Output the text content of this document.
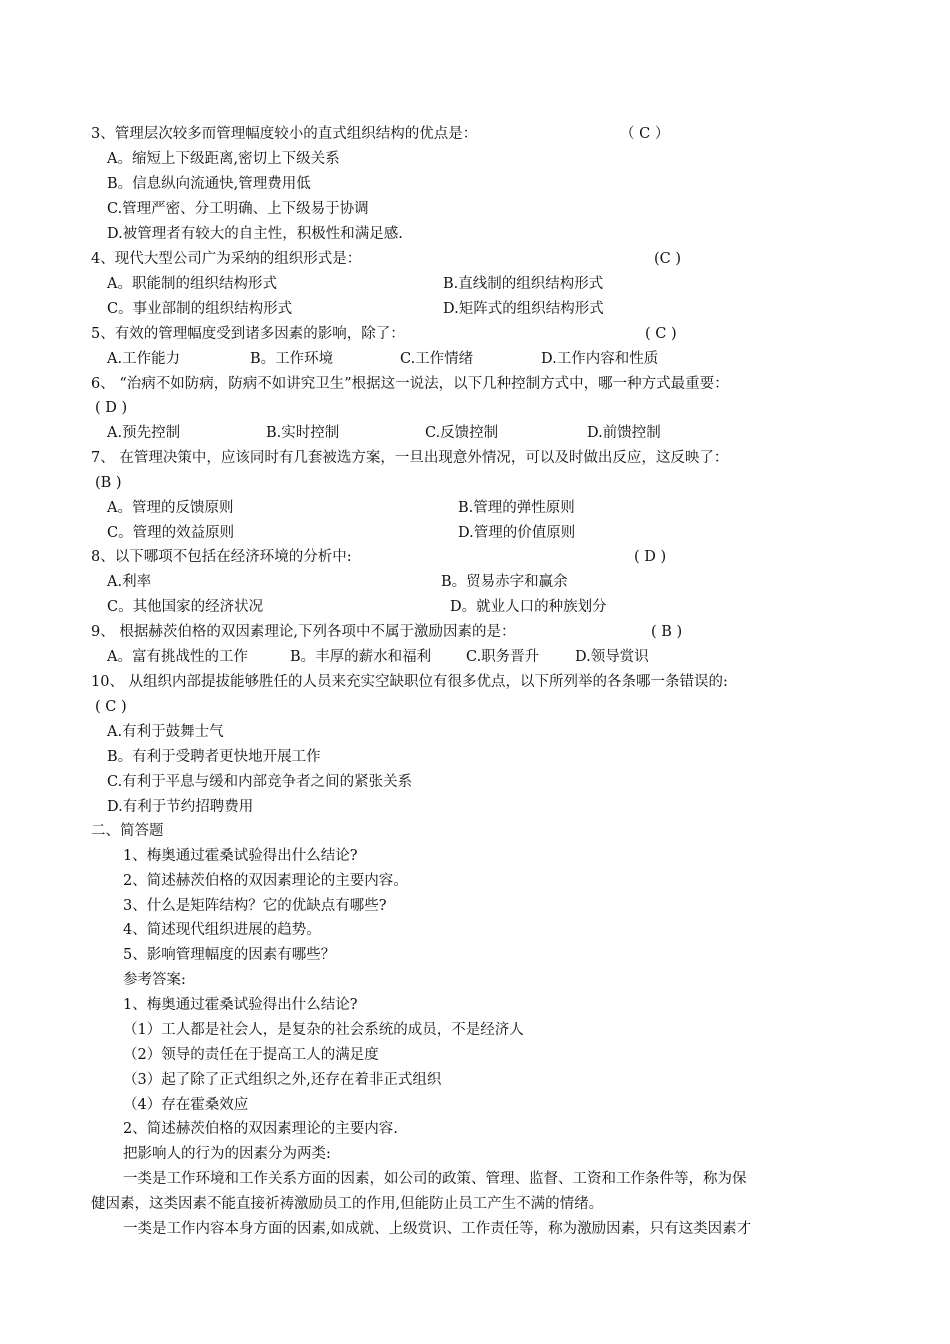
3、管理层次较多而管理幅度较小的直式组织结构的优点是：	（ C ）
A。缩短上下级距离,密切上下级关系
B。信息纵向流通快,管理费用低
C.管理严密、分工明确、上下级易于协调
D.被管理者有较大的自主性，积极性和满足感.
4、现代大型公司广为采纳的组织形式是：	(C )
A。职能制的组织结构形式	B.直线制的组织结构形式
C。事业部制的组织结构形式	D.矩阵式的组织结构形式
5、有效的管理幅度受到诸多因素的影响，除了：	( C )
A.工作能力	B。工作环境	C.工作情绪	D.工作内容和性质
6、 “治病不如防病，防病不如讲究卫生”根据这一说法，以下几种控制方式中，哪一种方式最重要：
( D )
A.预先控制	B.实时控制	C.反馈控制	D.前馈控制
7、 在管理决策中，应该同时有几套被选方案，一旦出现意外情况，可以及时做出反应，这反映了：
(B )
A。管理的反馈原则	B.管理的弹性原则
C。管理的效益原则	D.管理的价值原则
8、以下哪项不包括在经济环境的分析中:	( D )
A.利率	B。贸易赤字和赢余
C。其他国家的经济状况	D。就业人口的种族划分
9、 根据赫茨伯格的双因素理论,下列各项中不属于激励因素的是：	( B )
A。富有挑战性的工作	B。丰厚的薪水和福利 C.职务晋升 D.领导赏识
10、 从组织内部提拔能够胜任的人员来充实空缺职位有很多优点，以下所列举的各条哪一条错误的:
( C )
A.有利于鼓舞士气
B。有利于受聘者更快地开展工作
C.有利于平息与缓和内部竞争者之间的紧张关系
D.有利于节约招聘费用
二、简答题
1、梅奥通过霍桑试验得出什么结论?
2、简述赫茨伯格的双因素理论的主要内容。
3、什么是矩阵结构？它的优缺点有哪些?
4、简述现代组织进展的趋势。
5、影响管理幅度的因素有哪些？
参考答案:
1、梅奥通过霍桑试验得出什么结论?
（1）工人都是社会人，是复杂的社会系统的成员，不是经济人
（2）领导的责任在于提高工人的满足度
（3）起了除了正式组织之外,还存在着非正式组织
（4）存在霍桑效应
2、简述赫茨伯格的双因素理论的主要内容.
把影响人的行为的因素分为两类:
一类是工作环境和工作关系方面的因素，如公司的政策、管理、监督、工资和工作条件等，称为保
健因素，这类因素不能直接祈祷激励员工的作用,但能防止员工产生不满的情绪。
一类是工作内容本身方面的因素,如成就、上级赏识、工作责任等，称为激励因素，只有这类因素才
